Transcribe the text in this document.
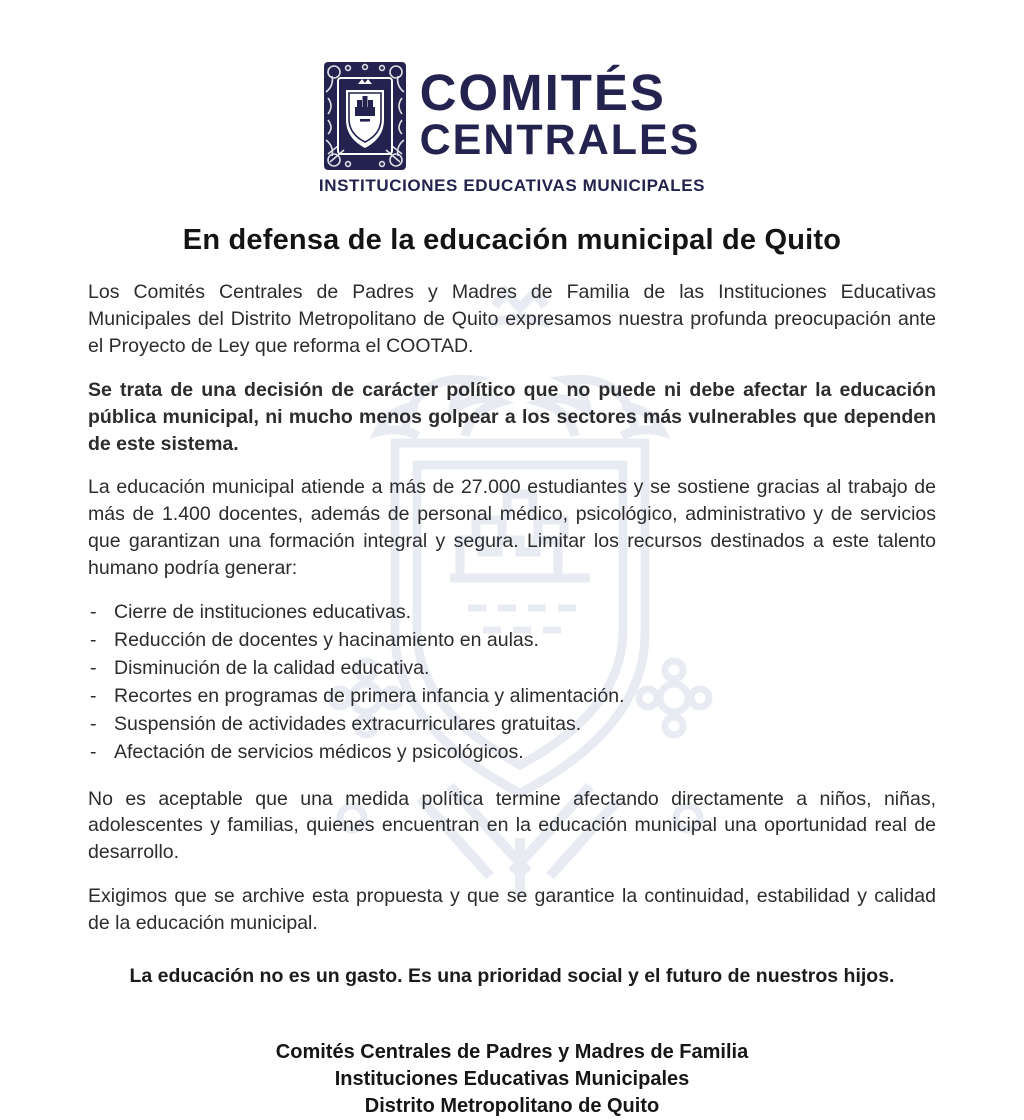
COMITÉS
CENTRALES
INSTITUCIONES EDUCATIVAS MUNICIPALES
En defensa de la educación municipal de Quito

Los Comités Centrales de Padres y Madres de Familia de las Instituciones Educativas Municipales del Distrito Metropolitano de Quito expresamos nuestra profunda preocupación ante el Proyecto de Ley que reforma el COOTAD.

Se trata de una decisión de carácter político que no puede ni debe afectar la educación pública municipal, ni mucho menos golpear a los sectores más vulnerables que dependen de este sistema.

La educación municipal atiende a más de 27.000 estudiantes y se sostiene gracias al trabajo de más de 1.400 docentes, además de personal médico, psicológico, administrativo y de servicios que garantizan una formación integral y segura. Limitar los recursos destinados a este talento humano podría generar:

- Cierre de instituciones educativas.
- Reducción de docentes y hacinamiento en aulas.
- Disminución de la calidad educativa.
- Recortes en programas de primera infancia y alimentación.
- Suspensión de actividades extracurriculares gratuitas.
- Afectación de servicios médicos y psicológicos.

No es aceptable que una medida política termine afectando directamente a niños, niñas, adolescentes y familias, quienes encuentran en la educación municipal una oportunidad real de desarrollo.

Exigimos que se archive esta propuesta y que se garantice la continuidad, estabilidad y calidad de la educación municipal.

La educación no es un gasto. Es una prioridad social y el futuro de nuestros hijos.

Comités Centrales de Padres y Madres de Familia
Instituciones Educativas Municipales
Distrito Metropolitano de Quito
